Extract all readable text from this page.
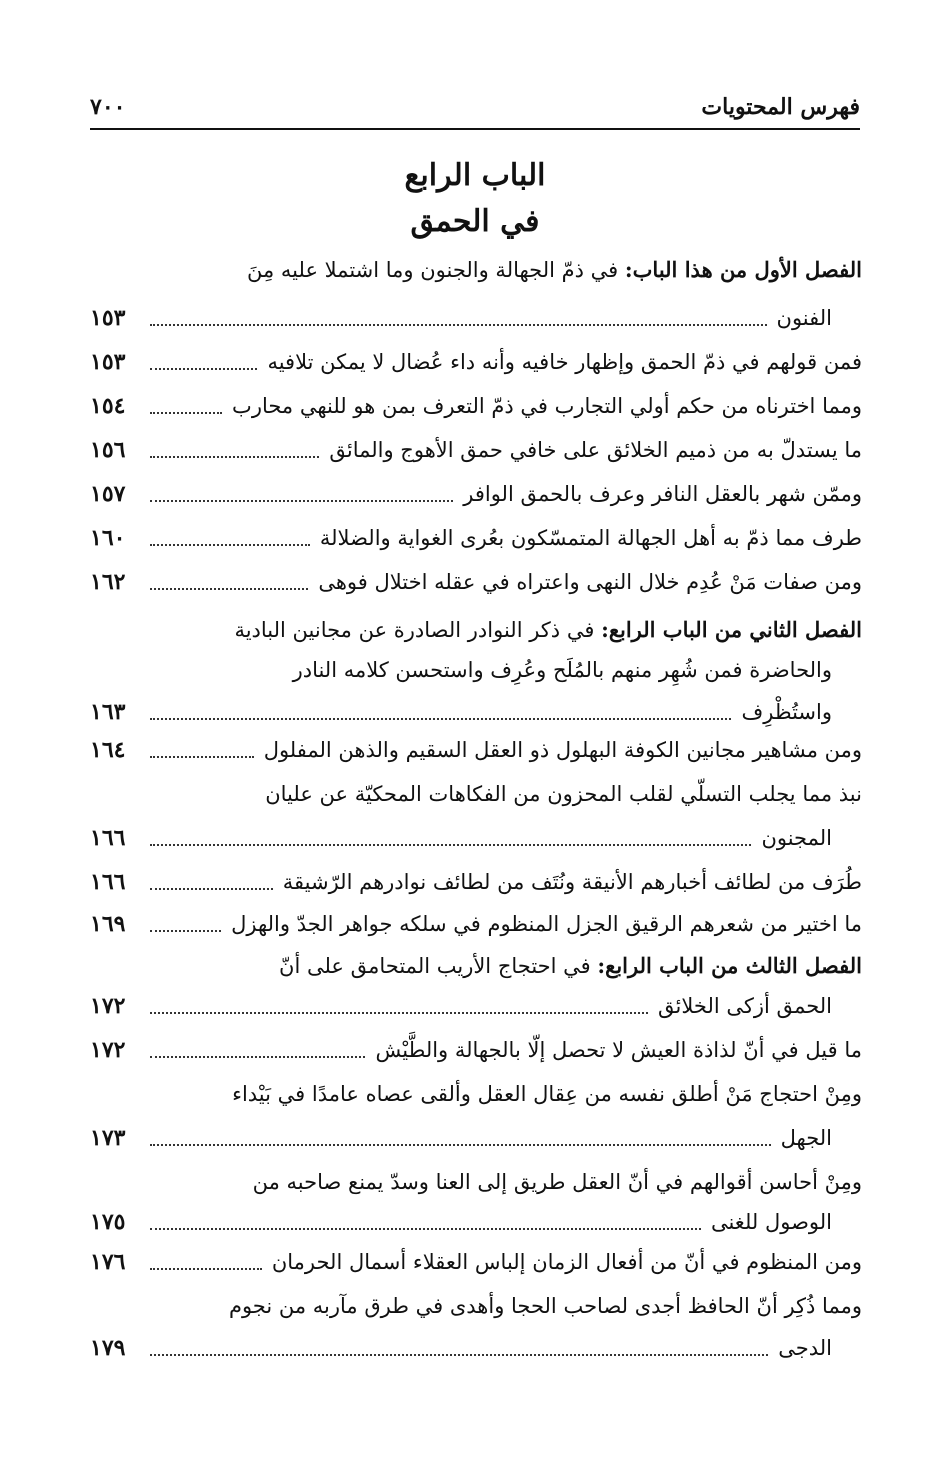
فهرس المحتويات
٧٠٠
الباب الرابع
في الحمق
الفصل الأول من هذا الباب: في ذمّ الجهالة والجنون وما اشتملا عليه مِنَ
الفنون
١٥٣
فمن قولهم في ذمّ الحمق وإظهار خافيه وأنه داء عُضال لا يمكن تلافيه
١٥٣
ومما اخترناه من حكم أولي التجارب في ذمّ التعرف بمن هو للنهي محارب
١٥٤
ما يستدلّ به من ذميم الخلائق على خافي حمق الأهوج والمائق
١٥٦
وممّن شهر بالعقل النافر وعرف بالحمق الوافر
١٥٧
طرف مما ذمّ به أهل الجهالة المتمسّكون بعُرى الغواية والضلالة
١٦٠
ومن صفات مَنْ عُدِم خلال النهى واعتراه في عقله اختلال فوهى
١٦٢
الفصل الثاني من الباب الرابع: في ذكر النوادر الصادرة عن مجانين البادية
والحاضرة فمن شُهِر منهم بالمُلَح وعُرِف واستحسن كلامه النادر
واستُظْرِف
١٦٣
ومن مشاهير مجانين الكوفة البهلول ذو العقل السقيم والذهن المفلول
١٦٤
نبذ مما يجلب التسلّي لقلب المحزون من الفكاهات المحكيّة عن عليان
المجنون
١٦٦
طُرَف من لطائف أخبارهم الأنيقة ونُتَف من لطائف نوادرهم الرّشيقة
١٦٦
ما اختير من شعرهم الرقيق الجزل المنظوم في سلكه جواهر الجدّ والهزل
١٦٩
الفصل الثالث من الباب الرابع: في احتجاج الأريب المتحامق على أنّ
الحمق أزكى الخلائق
١٧٢
ما قيل في أنّ لذاذة العيش لا تحصل إلّا بالجهالة والطَّيْش
١٧٢
ومِنْ احتجاج مَنْ أطلق نفسه من عِقال العقل وألقى عصاه عامدًا في بَيْداء
الجهل
١٧٣
ومِنْ أحاسن أقوالهم في أنّ العقل طريق إلى العنا وسدّ يمنع صاحبه من
الوصول للغنى
١٧٥
ومن المنظوم في أنّ من أفعال الزمان إلباس العقلاء أسمال الحرمان
١٧٦
ومما ذُكِر أنّ الحافظ أجدى لصاحب الحجا وأهدى في طرق مآربه من نجوم
الدجى
١٧٩
